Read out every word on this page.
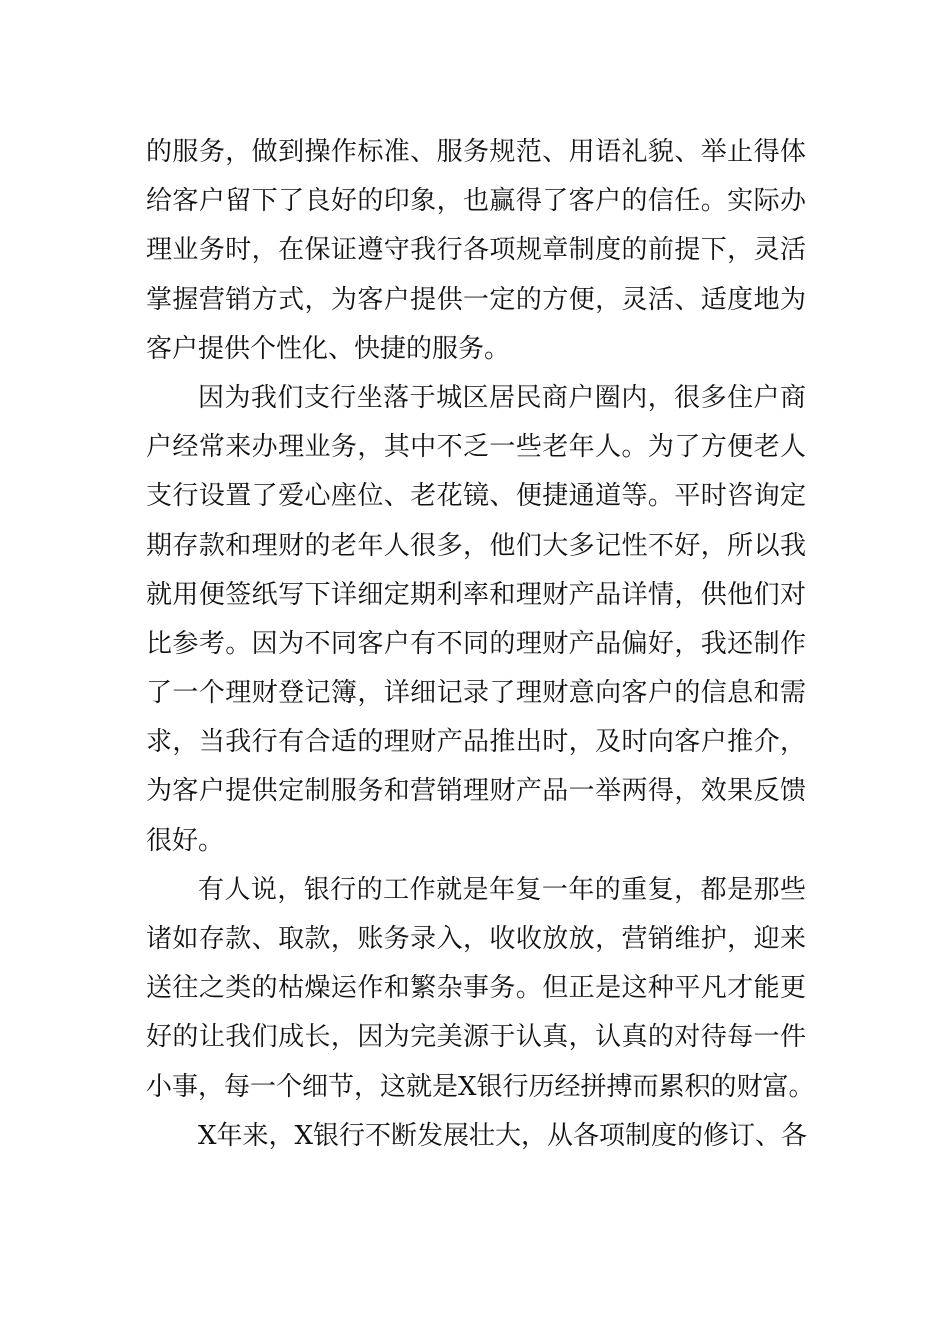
的服务，做到操作标准、服务规范、用语礼貌、举止得体
给客户留下了良好的印象，也赢得了客户的信任。实际办
理业务时，在保证遵守我行各项规章制度的前提下，灵活
掌握营销方式，为客户提供一定的方便，灵活、适度地为
客户提供个性化、快捷的服务。
因为我们支行坐落于城区居民商户圈内，很多住户商
户经常来办理业务，其中不乏一些老年人。为了方便老人
支行设置了爱心座位、老花镜、便捷通道等。平时咨询定
期存款和理财的老年人很多，他们大多记性不好，所以我
就用便签纸写下详细定期利率和理财产品详情，供他们对
比参考。因为不同客户有不同的理财产品偏好，我还制作
了一个理财登记簿，详细记录了理财意向客户的信息和需
求，当我行有合适的理财产品推出时，及时向客户推介，
为客户提供定制服务和营销理财产品一举两得，效果反馈
很好。
有人说，银行的工作就是年复一年的重复，都是那些
诸如存款、取款，账务录入，收收放放，营销维护，迎来
送往之类的枯燥运作和繁杂事务。但正是这种平凡才能更
好的让我们成长，因为完美源于认真，认真的对待每一件
小事，每一个细节，这就是X银行历经拼搏而累积的财富。
X年来，X银行不断发展壮大，从各项制度的修订、各
